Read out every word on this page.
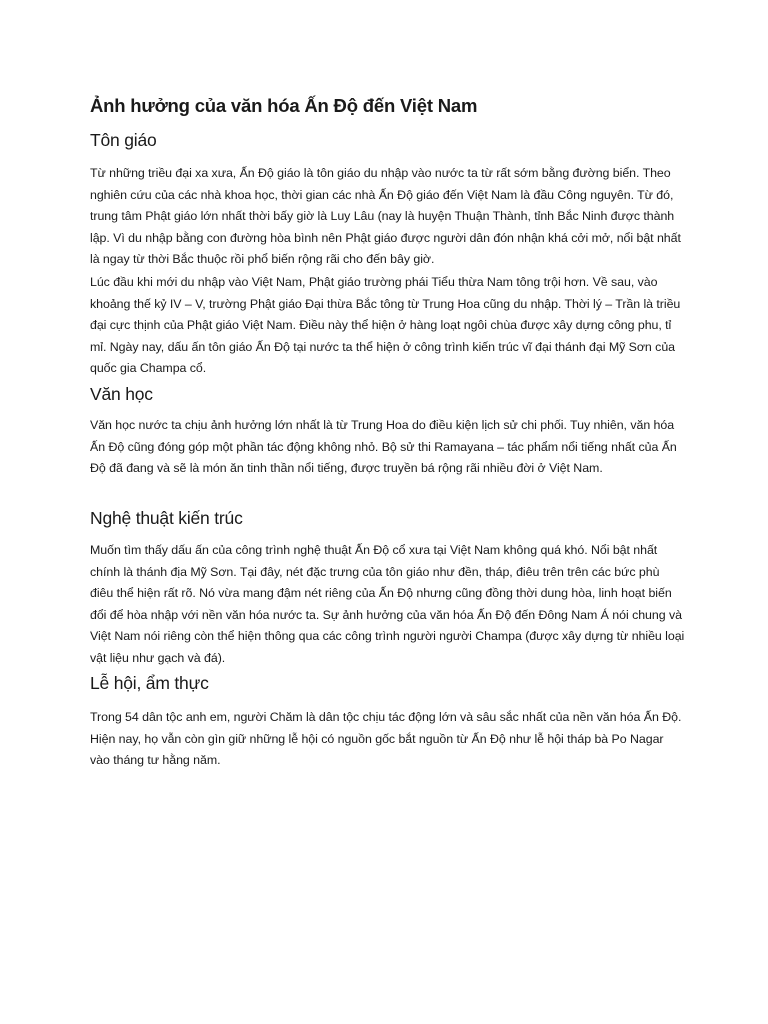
Ảnh hưởng của văn hóa Ấn Độ đến Việt Nam
Tôn giáo

Từ những triều đại xa xưa, Ấn Độ giáo là tôn giáo du nhập vào nước ta từ rất sớm bằng đường biển. Theo nghiên cứu của các nhà khoa học, thời gian các nhà Ấn Độ giáo đến Việt Nam là đầu Công nguyên. Từ đó, trung tâm Phật giáo lớn nhất thời bấy giờ là Luy Lâu (nay là huyện Thuận Thành, tỉnh Bắc Ninh được thành lập. Vì du nhập bằng con đường hòa bình nên Phật giáo được người dân đón nhận khá cởi mở, nổi bật nhất là ngay từ thời Bắc thuộc rồi phổ biến rộng rãi cho đến bây giờ.

Lúc đầu khi mới du nhập vào Việt Nam, Phật giáo trường phái Tiểu thừa Nam tông trội hơn. Về sau, vào khoảng thế kỷ IV – V, trường Phật giáo Đại thừa Bắc tông từ Trung Hoa cũng du nhập. Thời lý – Trần là triều đại cực thịnh của Phật giáo Việt Nam. Điều này thể hiện ở hàng loạt ngôi chùa được xây dựng công phu, tỉ mỉ. Ngày nay, dấu ấn tôn giáo Ấn Độ tại nước ta thể hiện ở công trình kiến trúc vĩ đại thánh đại Mỹ Sơn của quốc gia Champa cổ.

Văn học

Văn học nước ta chịu ảnh hưởng lớn nhất là từ Trung Hoa do điều kiện lịch sử chi phối. Tuy nhiên, văn hóa Ấn Độ cũng đóng góp một phần tác động không nhỏ. Bộ sử thi Ramayana – tác phẩm nổi tiếng nhất của Ấn Độ đã đang và sẽ là món ăn tinh thần nổi tiếng, được truyền bá rộng rãi nhiều đời ở Việt Nam.

Nghệ thuật kiến trúc

Muốn tìm thấy dấu ấn của công trình nghệ thuật Ấn Độ cổ xưa tại Việt Nam không quá khó. Nổi bật nhất chính là thánh địa Mỹ Sơn. Tại đây, nét đặc trưng của tôn giáo như đền, tháp, điêu trên trên các bức phù điêu thể hiện rất rõ. Nó vừa mang đậm nét riêng của Ấn Độ nhưng cũng đồng thời dung hòa, linh hoạt biến đổi để hòa nhập với nền văn hóa nước ta. Sự ảnh hưởng của văn hóa Ấn Độ đến Đông Nam Á nói chung và Việt Nam nói riêng còn thể hiện thông qua các công trình người người Champa (được xây dựng từ nhiều loại vật liệu như gạch và đá).

Lễ hội, ẩm thực

Trong 54 dân tộc anh em, người Chăm là dân tộc chịu tác động lớn và sâu sắc nhất của nền văn hóa Ấn Độ. Hiện nay, họ vẫn còn gìn giữ những lễ hội có nguồn gốc bắt nguồn từ Ấn Độ như lễ hội tháp bà Po Nagar vào tháng tư hằng năm.
